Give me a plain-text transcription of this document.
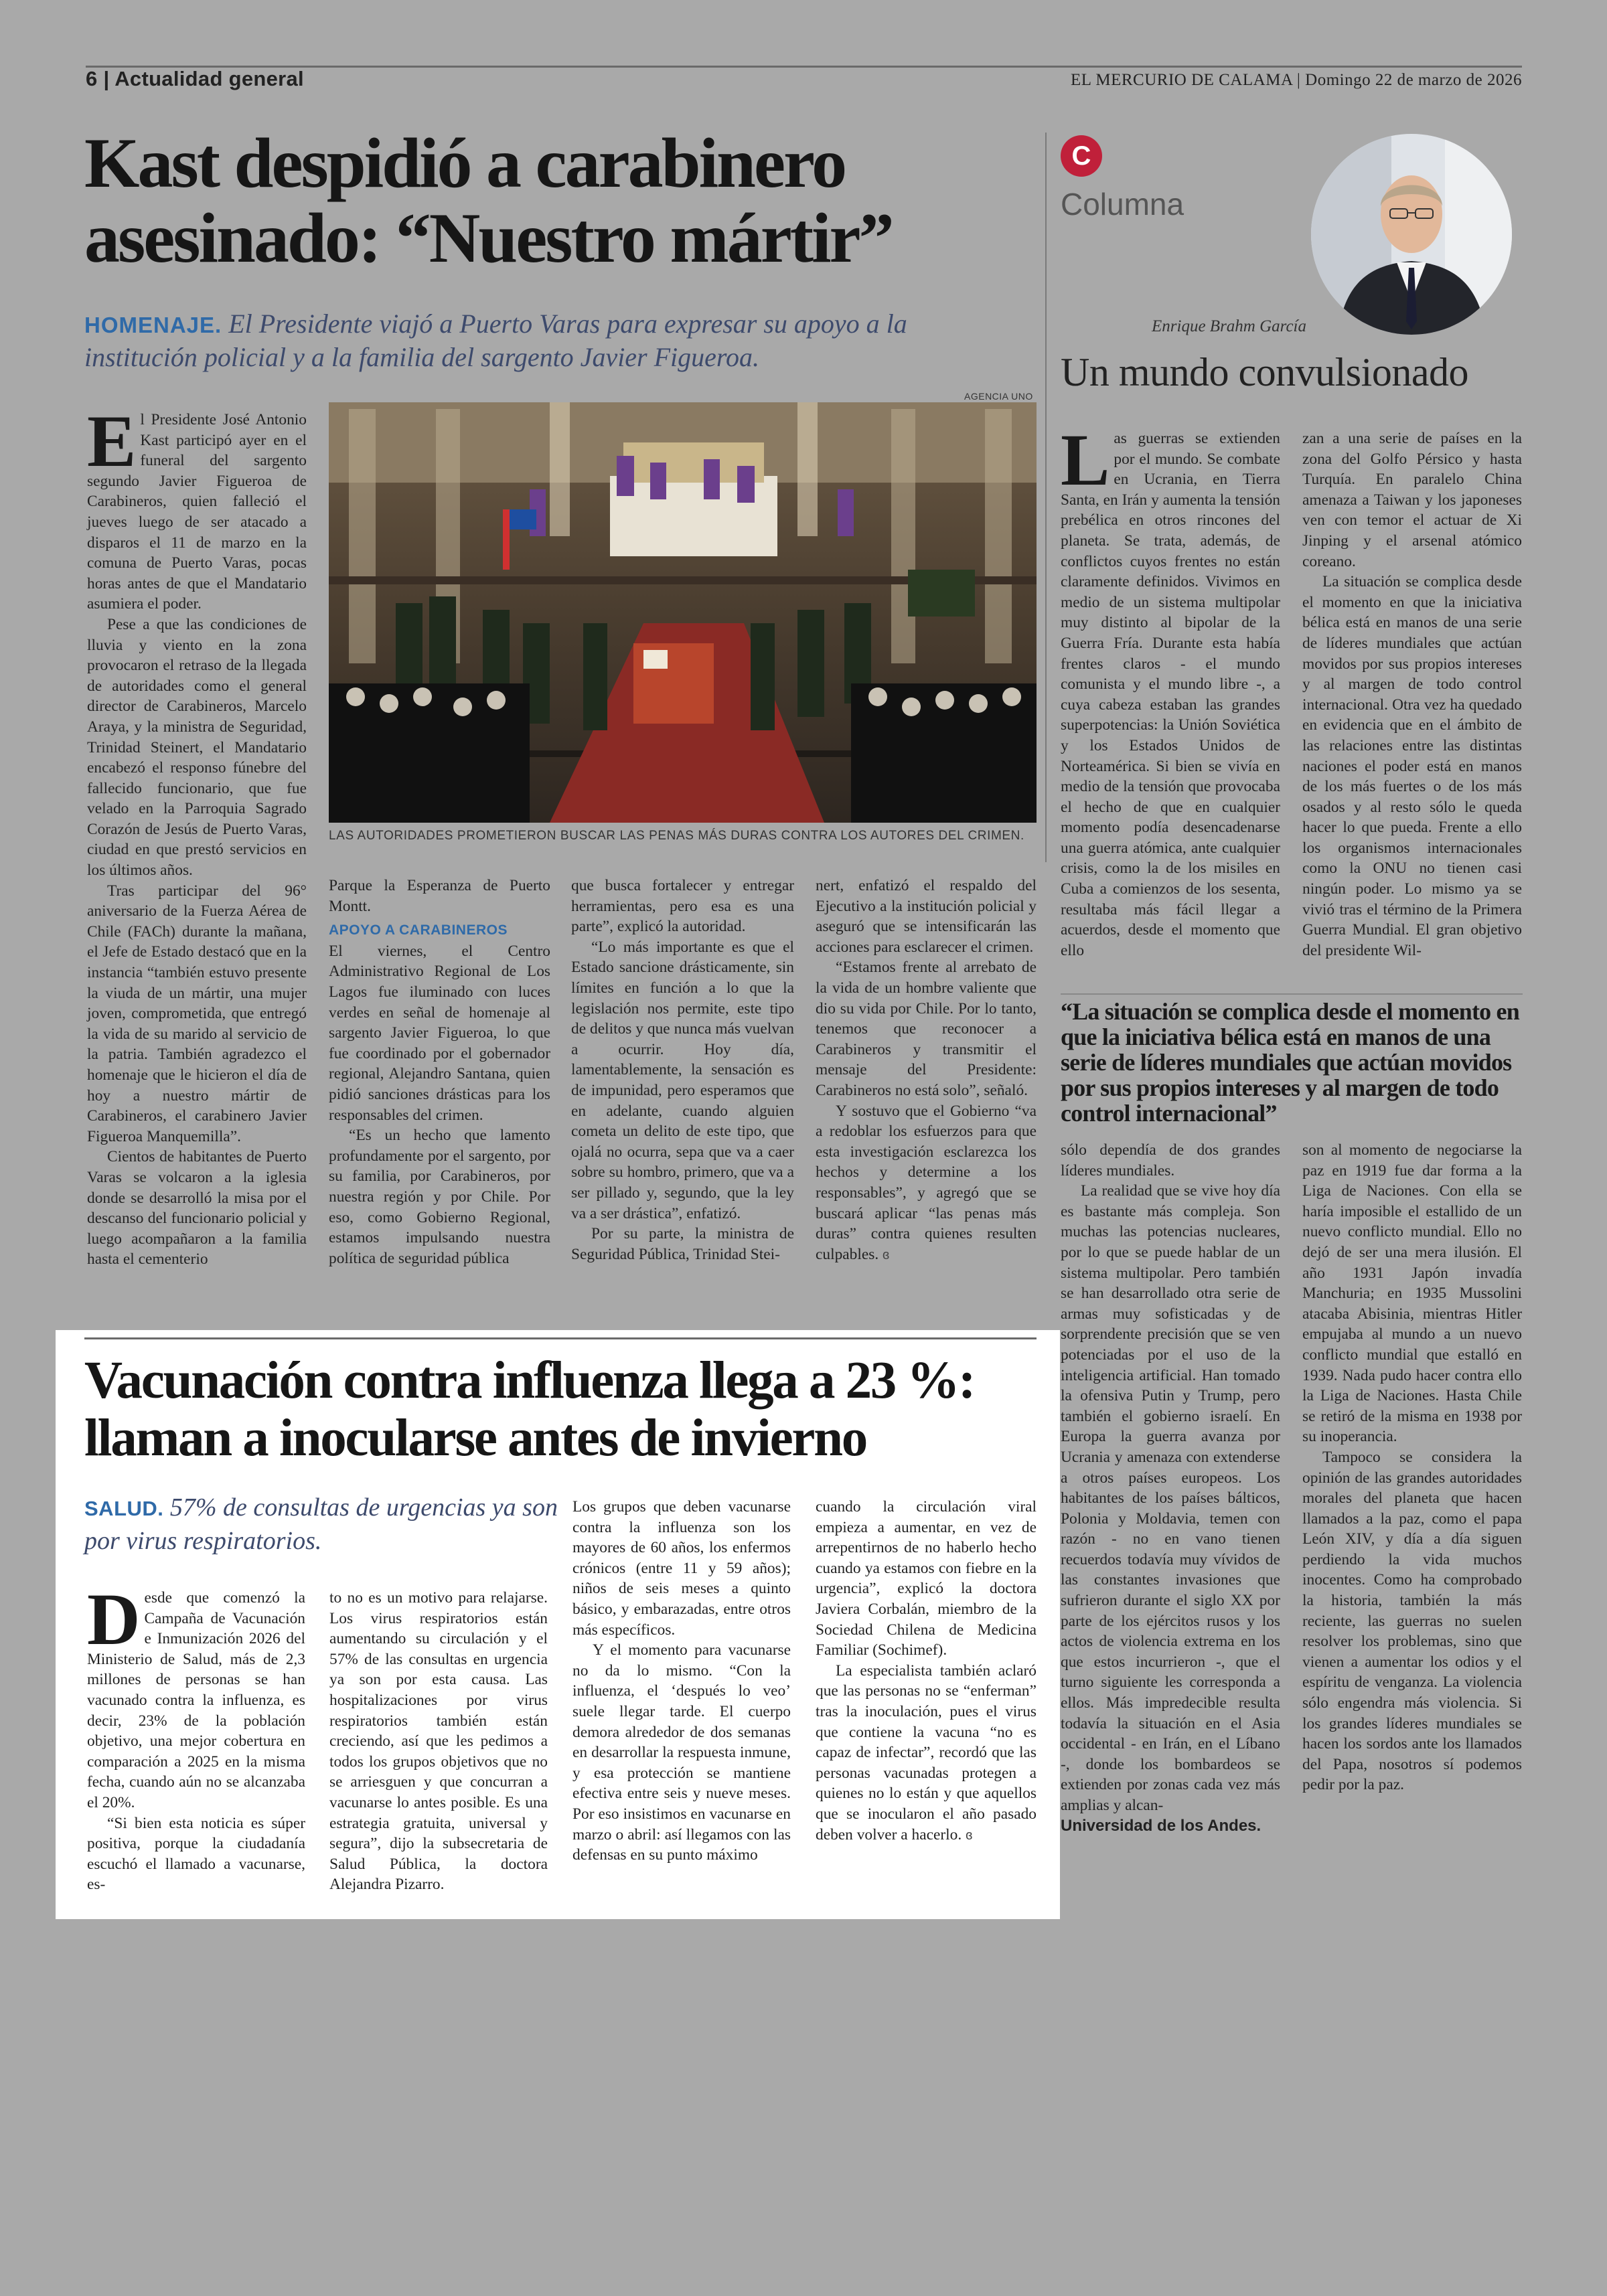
6 | Actualidad general	EL MERCURIO DE CALAMA | Domingo 22 de marzo de 2026
Kast despidió a carabinero
asesinado: “Nuestro mártir”
HOMENAJE. El Presidente viajó a Puerto Varas para expresar su apoyo a la institución policial y a la familia del sargento Javier Figueroa.

El Presidente José Antonio Kast participó ayer en el funeral del sargento segundo Javier Figueroa de Carabineros, quien falleció el jueves luego de ser atacado a disparos el 11 de marzo en la comuna de Puerto Varas, pocas horas antes de que el Mandatario asumiera el poder.

Pese a que las condiciones de lluvia y viento en la zona provocaron el retraso de la llegada de autoridades como el general director de Carabineros, Marcelo Araya, y la ministra de Seguridad, Trinidad Steinert, el Mandatario encabezó el responso fúnebre del fallecido funcionario, que fue velado en la Parroquia Sagrado Corazón de Jesús de Puerto Varas, ciudad en que prestó servicios en los últimos años.

Tras participar del 96° aniversario de la Fuerza Aérea de Chile (FACh) durante la mañana, el Jefe de Estado destacó que en la instancia “también estuvo presente la viuda de un mártir, una mujer joven, comprometida, que entregó la vida de su marido al servicio de la patria. También agradezco el homenaje que le hicieron el día de hoy a nuestro mártir de Carabineros, el carabinero Javier Figueroa Manquemilla”.

Cientos de habitantes de Puerto Varas se volcaron a la iglesia donde se desarrolló la misa por el descanso del funcionario policial y luego acompañaron a la familia hasta el cementerio

AGENCIA UNO
LAS AUTORIDADES PROMETIERON BUSCAR LAS PENAS MÁS DURAS CONTRA LOS AUTORES DEL CRIMEN.

Parque la Esperanza de Puerto Montt.

APOYO A CARABINEROS

El viernes, el Centro Administrativo Regional de Los Lagos fue iluminado con luces verdes en señal de homenaje al sargento Javier Figueroa, lo que fue coordinado por el gobernador regional, Alejandro Santana, quien pidió sanciones drásticas para los responsables del crimen.

“Es un hecho que lamento profundamente por el sargento, por su familia, por Carabineros, por nuestra región y por Chile. Por eso, como Gobierno Regional, estamos impulsando nuestra política de seguridad pública

que busca fortalecer y entregar herramientas, pero esa es una parte”, explicó la autoridad.

“Lo más importante es que el Estado sancione drásticamente, sin límites en función a lo que la legislación nos permite, este tipo de delitos y que nunca más vuelvan a ocurrir. Hoy día, lamentablemente, la sensación es de impunidad, pero esperamos que en adelante, cuando alguien cometa un delito de este tipo, que ojalá no ocurra, sepa que va a caer sobre su hombro, primero, que va a ser pillado y, segundo, que la ley va a ser drástica”, enfatizó.

Por su parte, la ministra de Seguridad Pública, Trinidad Stei-

nert, enfatizó el respaldo del Ejecutivo a la institución policial y aseguró que se intensificarán las acciones para esclarecer el crimen.

“Estamos frente al arrebato de la vida de un hombre valiente que dio su vida por Chile. Por lo tanto, tenemos que reconocer a Carabineros y transmitir el mensaje del Presidente: Carabineros no está solo”, señaló.

Y sostuvo que el Gobierno “va a redoblar los esfuerzos para que esta investigación esclarezca los hechos y determine a los responsables”, y agregó que se buscará aplicar “las penas más duras” contra quienes resulten culpables. ɞ

C
Columna
Enrique Brahm García
Un mundo convulsionado

Las guerras se extienden por el mundo. Se combate en Ucrania, en Tierra Santa, en Irán y aumenta la tensión prebélica en otros rincones del planeta. Se trata, además, de conflictos cuyos frentes no están claramente definidos. Vivimos en medio de un sistema multipolar muy distinto al bipolar de la Guerra Fría. Durante esta había frentes claros - el mundo comunista y el mundo libre -, a cuya cabeza estaban las grandes superpotencias: la Unión Soviética y los Estados Unidos de Norteamérica. Si bien se vivía en medio de la tensión que provocaba el hecho de que en cualquier momento podía desencadenarse una guerra atómica, ante cualquier crisis, como la de los misiles en Cuba a comienzos de los sesenta, resultaba más fácil llegar a acuerdos, desde el momento que ello

zan a una serie de países en la zona del Golfo Pérsico y hasta Turquía. En paralelo China amenaza a Taiwan y los japoneses ven con temor el actuar de Xi Jinping y el arsenal atómico coreano.

La situación se complica desde el momento en que la iniciativa bélica está en manos de una serie de líderes mundiales que actúan movidos por sus propios intereses y al margen de todo control internacional. Otra vez ha quedado en evidencia que en el ámbito de las relaciones entre las distintas naciones el poder está en manos de los más fuertes o de los más osados y al resto sólo le queda hacer lo que pueda. Frente a ello los organismos internacionales como la ONU no tienen casi ningún poder. Lo mismo ya se vivió tras el término de la Primera Guerra Mundial. El gran objetivo del presidente Wil-

“La situación se complica desde el momento en que la iniciativa bélica está en manos de una serie de líderes mundiales que actúan movidos por sus propios intereses y al margen de todo control internacional”

sólo dependía de dos grandes líderes mundiales.

La realidad que se vive hoy día es bastante más compleja. Son muchas las potencias nucleares, por lo que se puede hablar de un sistema multipolar. Pero también se han desarrollado otra serie de armas muy sofisticadas y de sorprendente precisión que se ven potenciadas por el uso de la inteligencia artificial. Han tomado la ofensiva Putin y Trump, pero también el gobierno israelí. En Europa la guerra avanza por Ucrania y amenaza con extenderse a otros países europeos. Los habitantes de los países bálticos, Polonia y Moldavia, temen con razón - no en vano tienen recuerdos todavía muy vívidos de las constantes invasiones que sufrieron durante el siglo XX por parte de los ejércitos rusos y los actos de violencia extrema en los que estos incurrieron -, que el turno siguiente les corresponda a ellos. Más impredecible resulta todavía la situación en el Asia occidental - en Irán, en el Líbano -, donde los bombardeos se extienden por zonas cada vez más amplias y alcan-

Universidad de los Andes.

son al momento de negociarse la paz en 1919 fue dar forma a la Liga de Naciones. Con ella se haría imposible el estallido de un nuevo conflicto mundial. Ello no dejó de ser una mera ilusión. El año 1931 Japón invadía Manchuria; en 1935 Mussolini atacaba Abisinia, mientras Hitler empujaba al mundo a un nuevo conflicto mundial que estalló en 1939. Nada pudo hacer contra ello la Liga de Naciones. Hasta Chile se retiró de la misma en 1938 por su inoperancia.

Tampoco se considera la opinión de las grandes autoridades morales del planeta que hacen llamados a la paz, como el papa León XIV, y día a día siguen perdiendo la vida muchos inocentes. Como ha comprobado la historia, también la más reciente, las guerras no suelen resolver los problemas, sino que vienen a aumentar los odios y el espíritu de venganza. La violencia sólo engendra más violencia. Si los grandes líderes mundiales se hacen los sordos ante los llamados del Papa, nosotros sí podemos pedir por la paz.

Vacunación contra influenza llega a 23 %:
llaman a inocularse antes de invierno
SALUD. 57% de consultas de urgencias ya son por virus respiratorios.

Desde que comenzó la Campaña de Vacunación e Inmunización 2026 del Ministerio de Salud, más de 2,3 millones de personas se han vacunado contra la influenza, es decir, 23% de la población objetivo, una mejor cobertura en comparación a 2025 en la misma fecha, cuando aún no se alcanzaba el 20%.

“Si bien esta noticia es súper positiva, porque la ciudadanía escuchó el llamado a vacunarse, es-

to no es un motivo para relajarse. Los virus respiratorios están aumentando su circulación y el 57% de las consultas en urgencia ya son por esta causa. Las hospitalizaciones por virus respiratorios también están creciendo, así que les pedimos a todos los grupos objetivos que no se arriesguen y que concurran a vacunarse lo antes posible. Es una estrategia gratuita, universal y segura”, dijo la subsecretaria de Salud Pública, la doctora Alejandra Pizarro.

Los grupos que deben vacunarse contra la influenza son los mayores de 60 años, los enfermos crónicos (entre 11 y 59 años); niños de seis meses a quinto básico, y embarazadas, entre otros más específicos.

Y el momento para vacunarse no da lo mismo. “Con la influenza, el ‘después lo veo’ suele llegar tarde. El cuerpo demora alrededor de dos semanas en desarrollar la respuesta inmune, y esa protección se mantiene efectiva entre seis y nueve meses. Por eso insistimos en vacunarse en marzo o abril: así llegamos con las defensas en su punto máximo

cuando la circulación viral empieza a aumentar, en vez de arrepentirnos de no haberlo hecho cuando ya estamos con fiebre en la urgencia”, explicó la doctora Javiera Corbalán, miembro de la Sociedad Chilena de Medicina Familiar (Sochimef).

La especialista también aclaró que las personas no se “enferman” tras la inoculación, pues el virus que contiene la vacuna “no es capaz de infectar”, recordó que las personas vacunadas protegen a quienes no lo están y que aquellos que se inocularon el año pasado deben volver a hacerlo. ɞ
